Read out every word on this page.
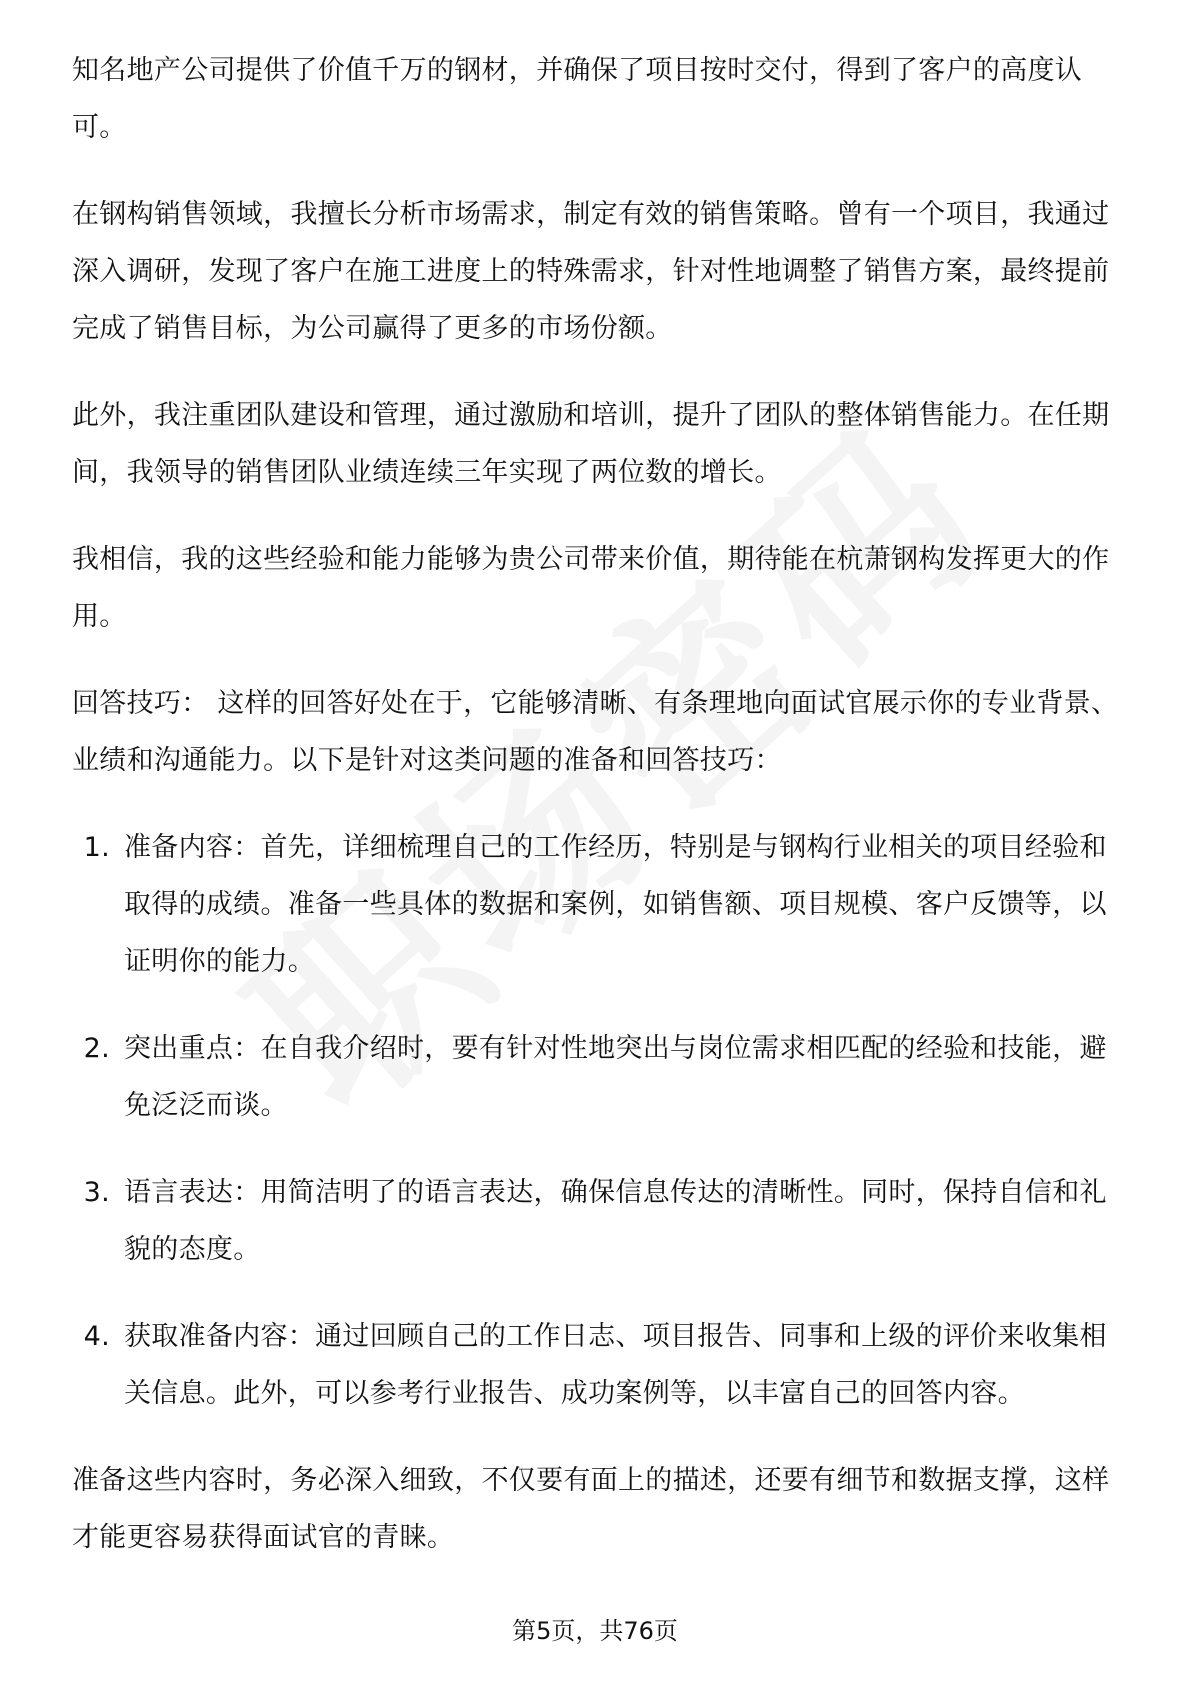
知名地产公司提供了价值千万的钢材，并确保了项目按时交付，得到了客户的高度认可。

在钢构销售领域，我擅长分析市场需求，制定有效的销售策略。曾有一个项目，我通过深入调研，发现了客户在施工进度上的特殊需求，针对性地调整了销售方案，最终提前完成了销售目标，为公司赢得了更多的市场份额。

此外，我注重团队建设和管理，通过激励和培训，提升了团队的整体销售能力。在任期间，我领导的销售团队业绩连续三年实现了两位数的增长。

我相信，我的这些经验和能力能够为贵公司带来价值，期待能在杭萧钢构发挥更大的作用。

回答技巧： 这样的回答好处在于，它能够清晰、有条理地向面试官展示你的专业背景、业绩和沟通能力。以下是针对这类问题的准备和回答技巧：

1. 准备内容：首先，详细梳理自己的工作经历，特别是与钢构行业相关的项目经验和取得的成绩。准备一些具体的数据和案例，如销售额、项目规模、客户反馈等，以证明你的能力。
2. 突出重点：在自我介绍时，要有针对性地突出与岗位需求相匹配的经验和技能，避免泛泛而谈。
3. 语言表达：用简洁明了的语言表达，确保信息传达的清晰性。同时，保持自信和礼貌的态度。
4. 获取准备内容：通过回顾自己的工作日志、项目报告、同事和上级的评价来收集相关信息。此外，可以参考行业报告、成功案例等，以丰富自己的回答内容。

准备这些内容时，务必深入细致，不仅要有面上的描述，还要有细节和数据支撑，这样才能更容易获得面试官的青睐。

第5页，共76页
